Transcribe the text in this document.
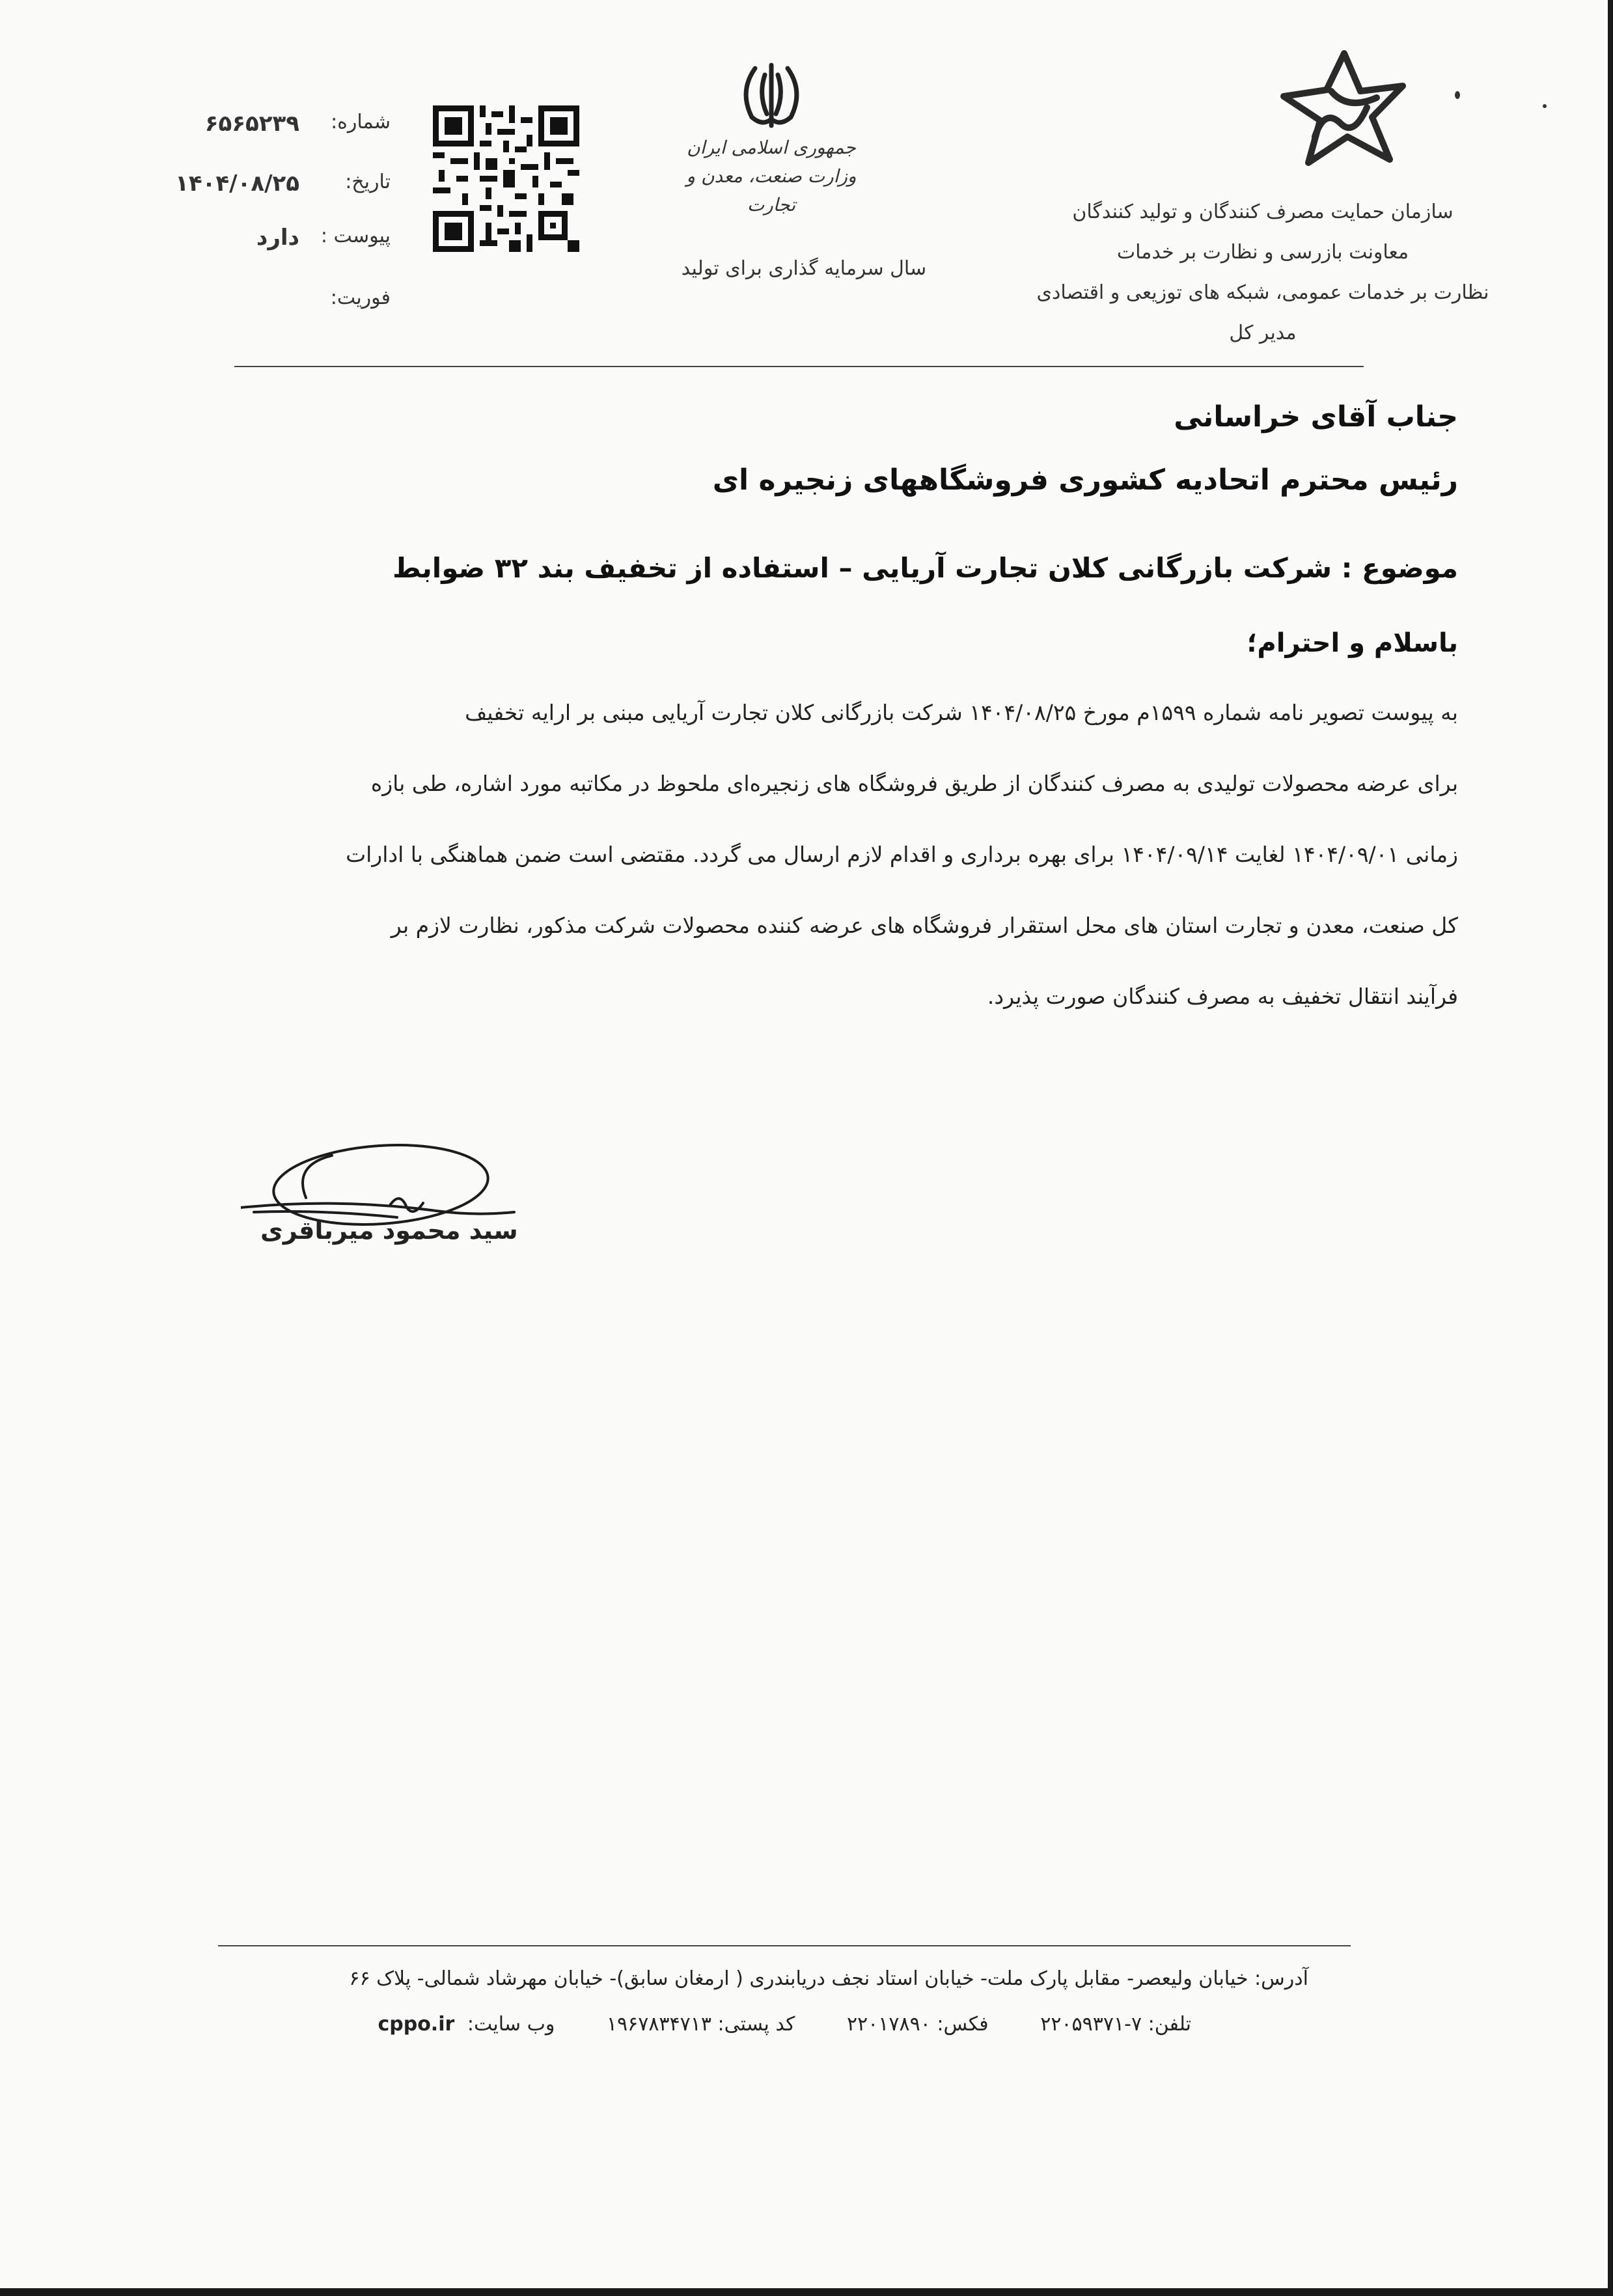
سازمان حمایت مصرف کنندگان و تولید کنندگان
معاونت بازرسی و نظارت بر خدمات
نظارت بر خدمات عمومی، شبکه های توزیعی و اقتصادی
مدیر کل
جمهوری اسلامی ایران
وزارت صنعت، معدن و تجارت
سال سرمایه گذاری برای تولید
شماره:
۶۵۶۵۲۳۹
تاریخ:
۱۴۰۴/۰۸/۲۵
پیوست :
دارد
فوریت:
جناب آقای خراسانی
رئیس محترم اتحادیه کشوری فروشگاههای زنجیره ای
موضوع : شرکت بازرگانی کلان تجارت آریایی – استفاده از تخفیف بند ۳۲ ضوابط
باسلام و احترام؛
به پیوست تصویر نامه شماره ۱۵۹۹م مورخ ۱۴۰۴/۰۸/۲۵ شرکت بازرگانی کلان تجارت آریایی مبنی بر ارایه تخفیف
برای عرضه محصولات تولیدی به مصرف کنندگان از طریق فروشگاه های زنجیره‌ای ملحوظ در مکاتبه مورد اشاره، طی بازه
زمانی ۱۴۰۴/۰۹/۰۱ لغایت ۱۴۰۴/۰۹/۱۴ برای بهره برداری و اقدام لازم ارسال می گردد. مقتضی است ضمن هماهنگی با ادارات
کل صنعت، معدن و تجارت استان های محل استقرار فروشگاه های عرضه کننده محصولات شرکت مذکور، نظارت لازم بر
فرآیند انتقال تخفیف به مصرف کنندگان صورت پذیرد.
سید محمود میرباقری
آدرس: خیابان ولیعصر- مقابل پارک ملت- خیابان استاد نجف دریابندری ( ارمغان سابق)- خیابان مهرشاد شمالی- پلاک ۶۶
تلفن: ۷-۲۲۰۵۹۳۷۱ فکس: ۲۲۰۱۷۸۹۰ کد پستی: ۱۹۶۷۸۳۴۷۱۳ وب سایت: cppo.ir
